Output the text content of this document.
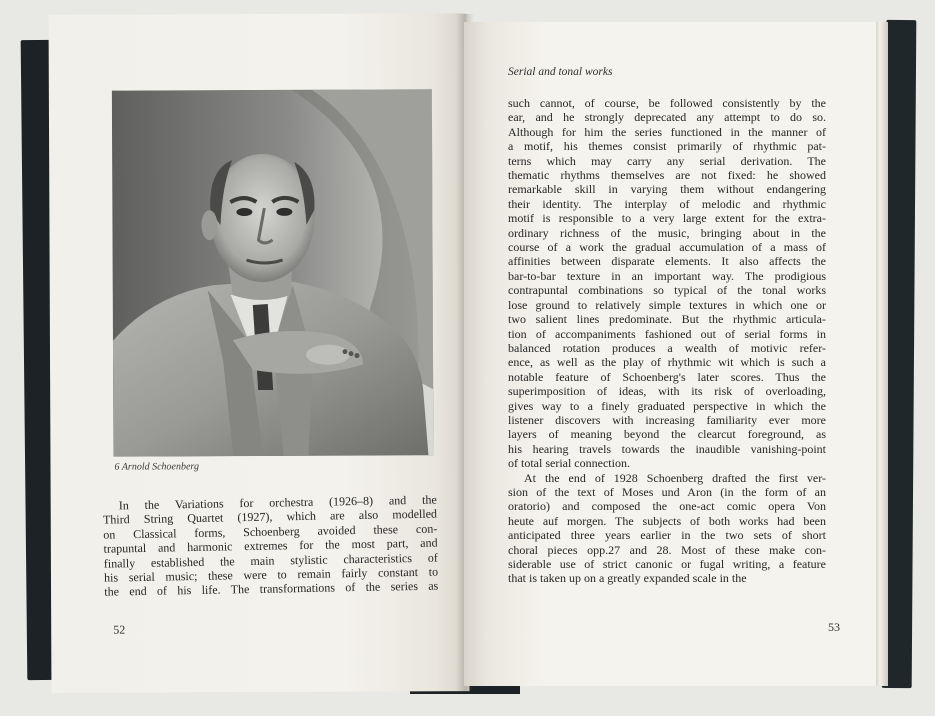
6 Arnold Schoenberg
In the Variations for orchestra (1926–8) and the
Third String Quartet (1927), which are also modelled
on Classical forms, Schoenberg avoided these con-
trapuntal and harmonic extremes for the most part, and
finally established the main stylistic characteristics of
his serial music; these were to remain fairly constant to
the end of his life. The transformations of the series as
52
Serial and tonal works
such cannot, of course, be followed consistently by the
ear, and he strongly deprecated any attempt to do so.
Although for him the series functioned in the manner of
a motif, his themes consist primarily of rhythmic pat-
terns which may carry any serial derivation. The
thematic rhythms themselves are not fixed: he showed
remarkable skill in varying them without endangering
their identity. The interplay of melodic and rhythmic
motif is responsible to a very large extent for the extra-
ordinary richness of the music, bringing about in the
course of a work the gradual accumulation of a mass of
affinities between disparate elements. It also affects the
bar-to-bar texture in an important way. The prodigious
contrapuntal combinations so typical of the tonal works
lose ground to relatively simple textures in which one or
two salient lines predominate. But the rhythmic articula-
tion of accompaniments fashioned out of serial forms in
balanced rotation produces a wealth of motivic refer-
ence, as well as the play of rhythmic wit which is such a
notable feature of Schoenberg's later scores. Thus the
superimposition of ideas, with its risk of overloading,
gives way to a finely graduated perspective in which the
listener discovers with increasing familiarity ever more
layers of meaning beyond the clearcut foreground, as
his hearing travels towards the inaudible vanishing-point
of total serial connection.
At the end of 1928 Schoenberg drafted the first ver-
sion of the text of Moses und Aron (in the form of an
oratorio) and composed the one-act comic opera Von
heute auf morgen. The subjects of both works had been
anticipated three years earlier in the two sets of short
choral pieces opp.27 and 28. Most of these make con-
siderable use of strict canonic or fugal writing, a feature
that is taken up on a greatly expanded scale in the
53
